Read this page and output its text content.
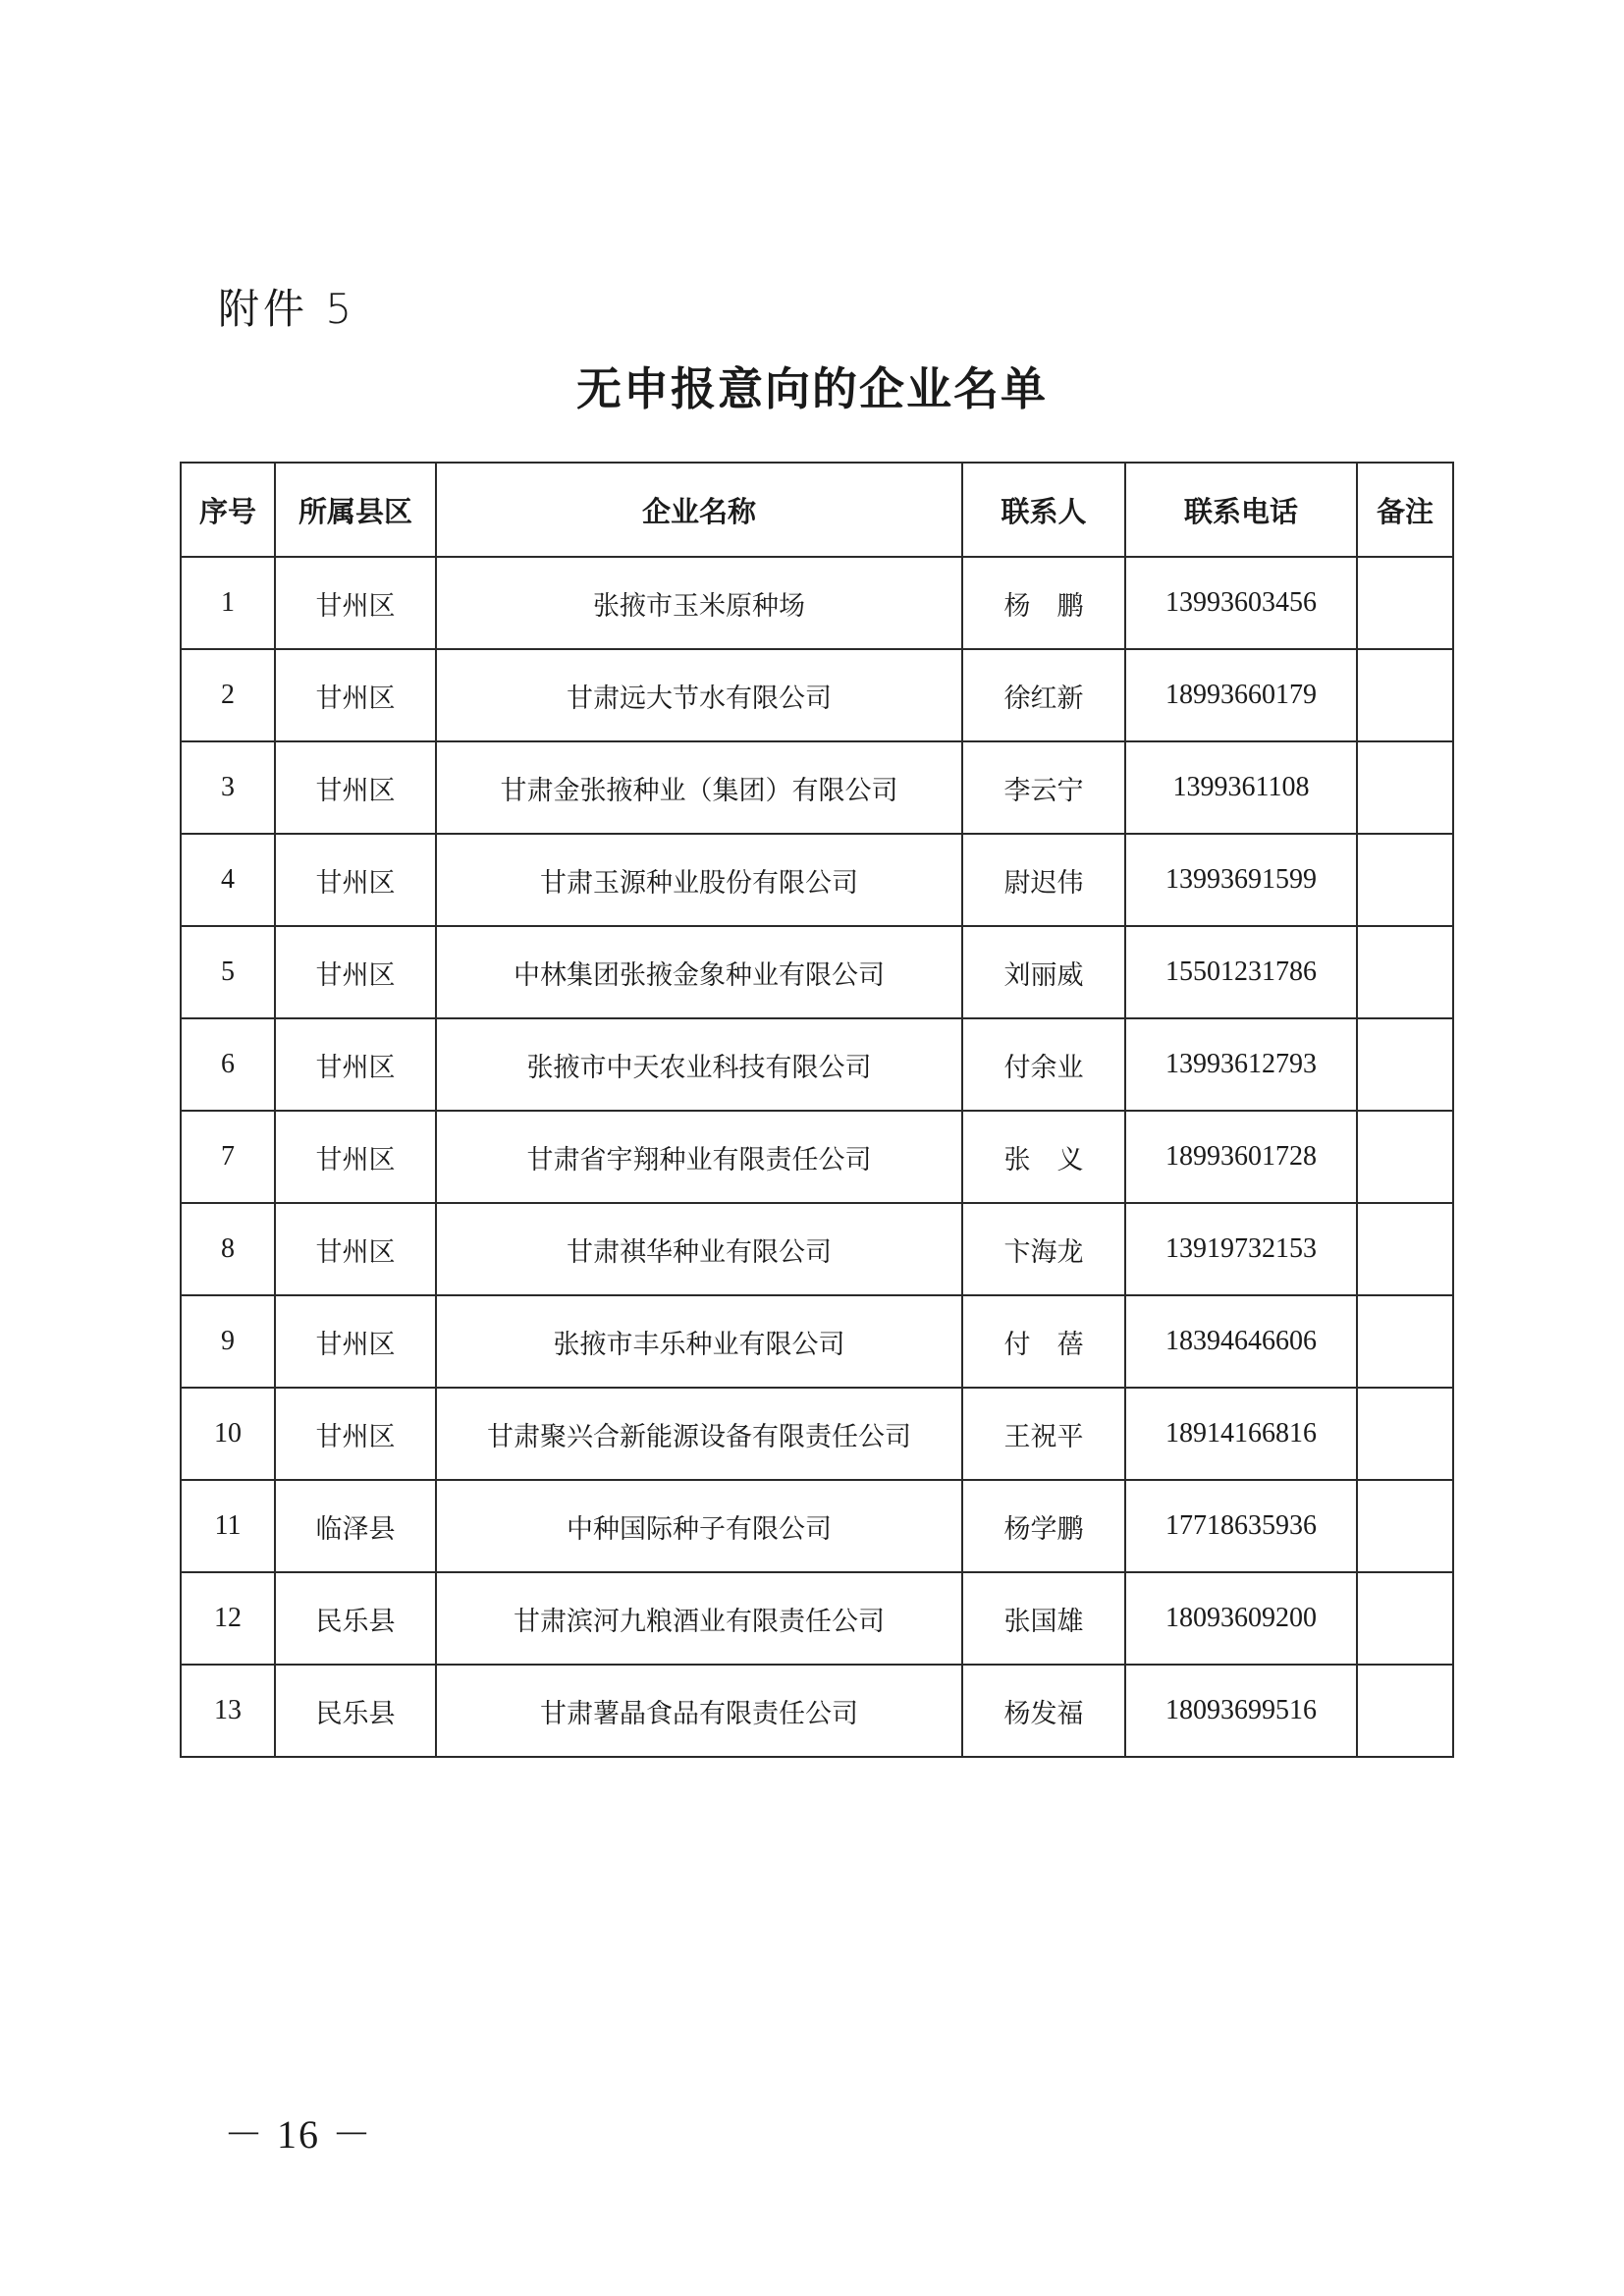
附件 5
无申报意向的企业名单
序号	所属县区	企业名称	联系人	联系电话	备注
1	甘州区	张掖市玉米原种场	杨　鹏	13993603456	
2	甘州区	甘肃远大节水有限公司	徐红新	18993660179	
3	甘州区	甘肃金张掖种业（集团）有限公司	李云宁	1399361108	
4	甘州区	甘肃玉源种业股份有限公司	尉迟伟	13993691599	
5	甘州区	中林集团张掖金象种业有限公司	刘丽威	15501231786	
6	甘州区	张掖市中天农业科技有限公司	付余业	13993612793	
7	甘州区	甘肃省宇翔种业有限责任公司	张　义	18993601728	
8	甘州区	甘肃祺华种业有限公司	卞海龙	13919732153	
9	甘州区	张掖市丰乐种业有限公司	付　蓓	18394646606	
10	甘州区	甘肃聚兴合新能源设备有限责任公司	王祝平	18914166816	
11	临泽县	中种国际种子有限公司	杨学鹏	17718635936	
12	民乐县	甘肃滨河九粮酒业有限责任公司	张国雄	18093609200	
13	民乐县	甘肃薯晶食品有限责任公司	杨发福	18093699516	
－ 16 －
